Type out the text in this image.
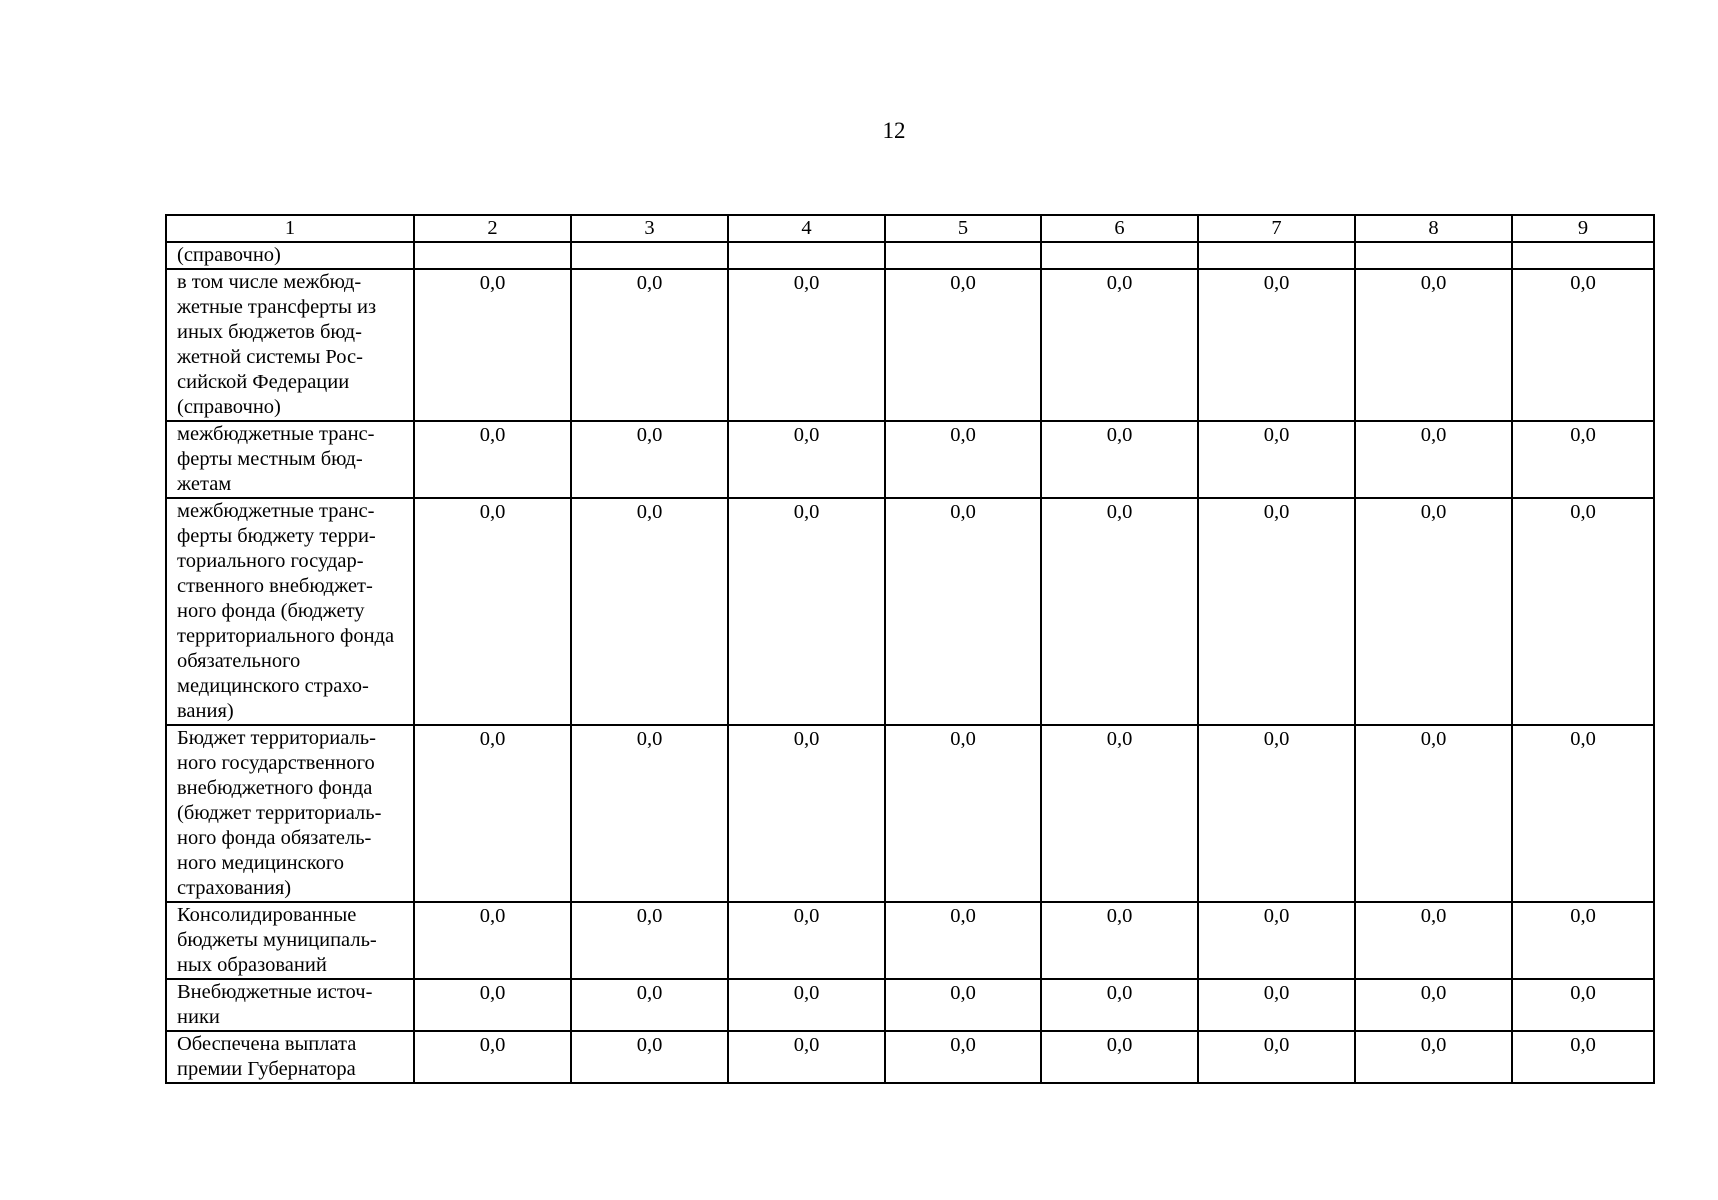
12
1	2	3	4	5	6	7	8	9
(справочно)								
в том числе межбюд-жетные трансферты из иных бюджетов бюд-жетной системы Рос-сийской Федерации (справочно)	0,0	0,0	0,0	0,0	0,0	0,0	0,0	0,0
межбюджетные транс-ферты местным бюд-жетам	0,0	0,0	0,0	0,0	0,0	0,0	0,0	0,0
межбюджетные транс-ферты бюджету терри-ториального государ-ственного внебюджет-ного фонда (бюджету территориального фонда обязательного медицинского страхо-вания)	0,0	0,0	0,0	0,0	0,0	0,0	0,0	0,0
Бюджет территориаль-ного государственного внебюджетного фонда (бюджет территориаль-ного фонда обязатель-ного медицинского страхования)	0,0	0,0	0,0	0,0	0,0	0,0	0,0	0,0
Консолидированные бюджеты муниципаль-ных образований	0,0	0,0	0,0	0,0	0,0	0,0	0,0	0,0
Внебюджетные источ-ники	0,0	0,0	0,0	0,0	0,0	0,0	0,0	0,0
Обеспечена выплата премии Губернатора	0,0	0,0	0,0	0,0	0,0	0,0	0,0	0,0
